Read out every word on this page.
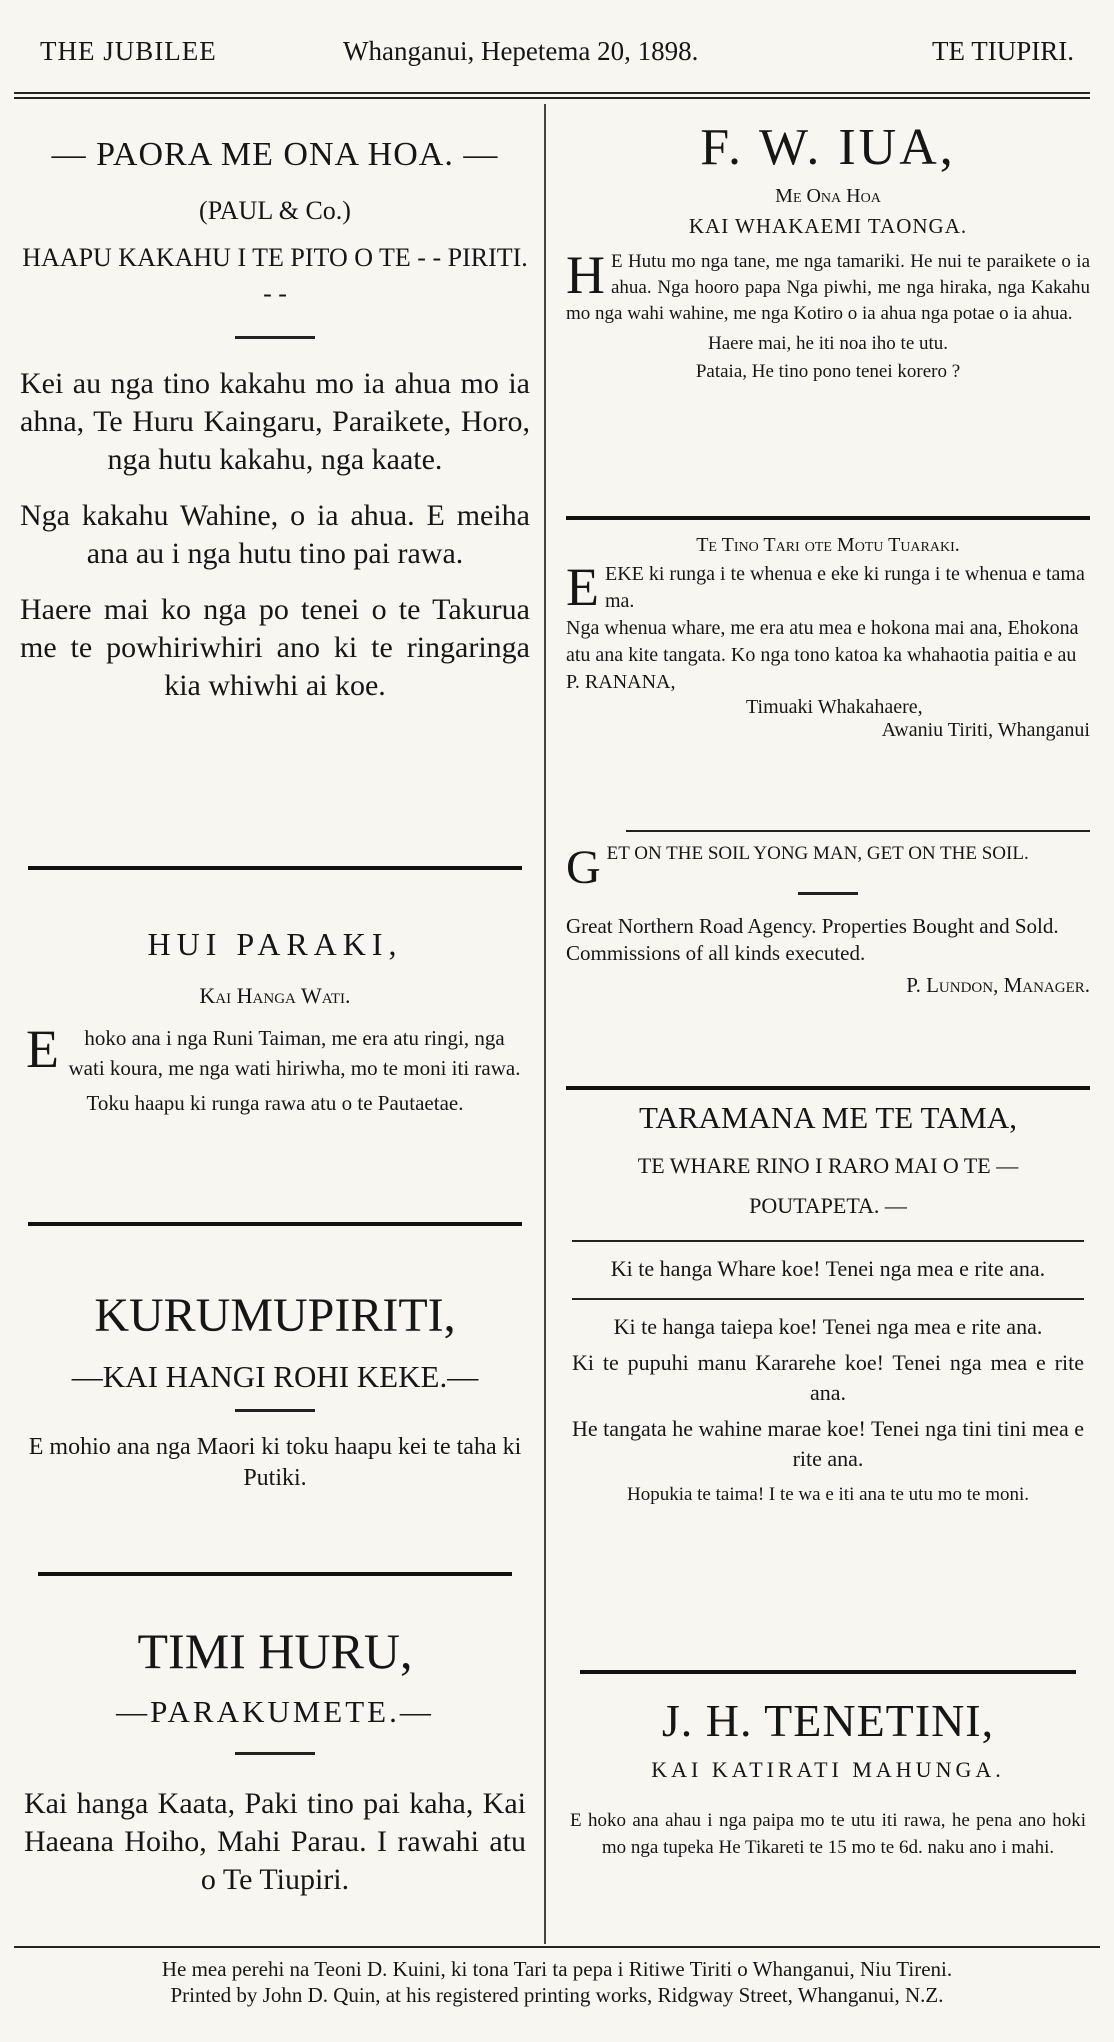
THE JUBILEE	Whanganui, Hepetema 20, 1898.	TE TIUPIRI.

— PAORA ME ONA HOA. —

(PAUL & Co.)

HAAPU KAKAHU I TE PITO O TE - - PIRITI. - -

Kei au nga tino kakahu mo ia ahua mo ia ahna, Te Huru Kaingaru, Paraikete, Horo, nga hutu kakahu, nga kaate.

Nga kakahu Wahine, o ia ahua. E meiha ana au i nga hutu tino pai rawa.

Haere mai ko nga po tenei o te Takurua me te powhiriwhiri ano ki te ringaringa kia whiwhi ai koe.

HUI PARAKI,

Kai Hanga Wati.

E hoko ana i nga Runi Taiman, me era atu ringi, nga wati koura, me nga wati hiriwha, mo te moni iti rawa.

Toku haapu ki runga rawa atu o te Pautaetae.

KURUMUPIRITI,

—KAI HANGI ROHI KEKE.—

E mohio ana nga Maori ki toku haapu kei te taha ki Putiki.

TIMI HURU,

—PARAKUMETE.—

Kai hanga Kaata, Paki tino pai kaha, Kai Haeana Hoiho, Mahi Parau. I rawahi atu o Te Tiupiri.

F. W. IUA,

Me Ona Hoa

KAI WHAKAEMI TAONGA.

H E Hutu mo nga tane, me nga tamariki. He nui te paraikete o ia ahua. Nga hooro papa Nga piwhi, me nga hiraka, nga Kakahu mo nga wahi wahine, me nga Kotiro o ia ahua nga potae o ia ahua.

Haere mai, he iti noa iho te utu.

Pataia, He tino pono tenei korero ?

Te Tino Tari ote Motu Tuaraki.

E EKE ki runga i te whenua e eke ki runga i te whenua e tama ma.

Nga whenua whare, me era atu mea e hokona mai ana, Ehokona atu ana kite tangata. Ko nga tono katoa ka whahaotia paitia e au P. RANANA,

Timuaki Whakahaere,

Awaniu Tiriti, Whanganui

G ET ON THE SOIL YONG MAN, GET ON THE SOIL.

Great Northern Road Agency. Properties Bought and Sold. Commissions of all kinds executed.

P. Lundon, Manager.

TARAMANA ME TE TAMA,

TE WHARE RINO I RARO MAI O TE — POUTAPETA. —

Ki te hanga Whare koe! Tenei nga mea e rite ana.

Ki te hanga taiepa koe! Tenei nga mea e rite ana.

Ki te pupuhi manu Kararehe koe! Tenei nga mea e rite ana.

He tangata he wahine marae koe! Tenei nga tini tini mea e rite ana.

Hopukia te taima! I te wa e iti ana te utu mo te moni.

J. H. TENETINI,

KAI KATIRATI MAHUNGA.

E hoko ana ahau i nga paipa mo te utu iti rawa, he pena ano hoki mo nga tupeka He Tikareti te 15 mo te 6d. naku ano i mahi.

He mea perehi na Teoni D. Kuini, ki tona Tari ta pepa i Ritiwe Tiriti o Whanganui, Niu Tireni.

Printed by John D. Quin, at his registered printing works, Ridgway Street, Whanganui, N.Z.
